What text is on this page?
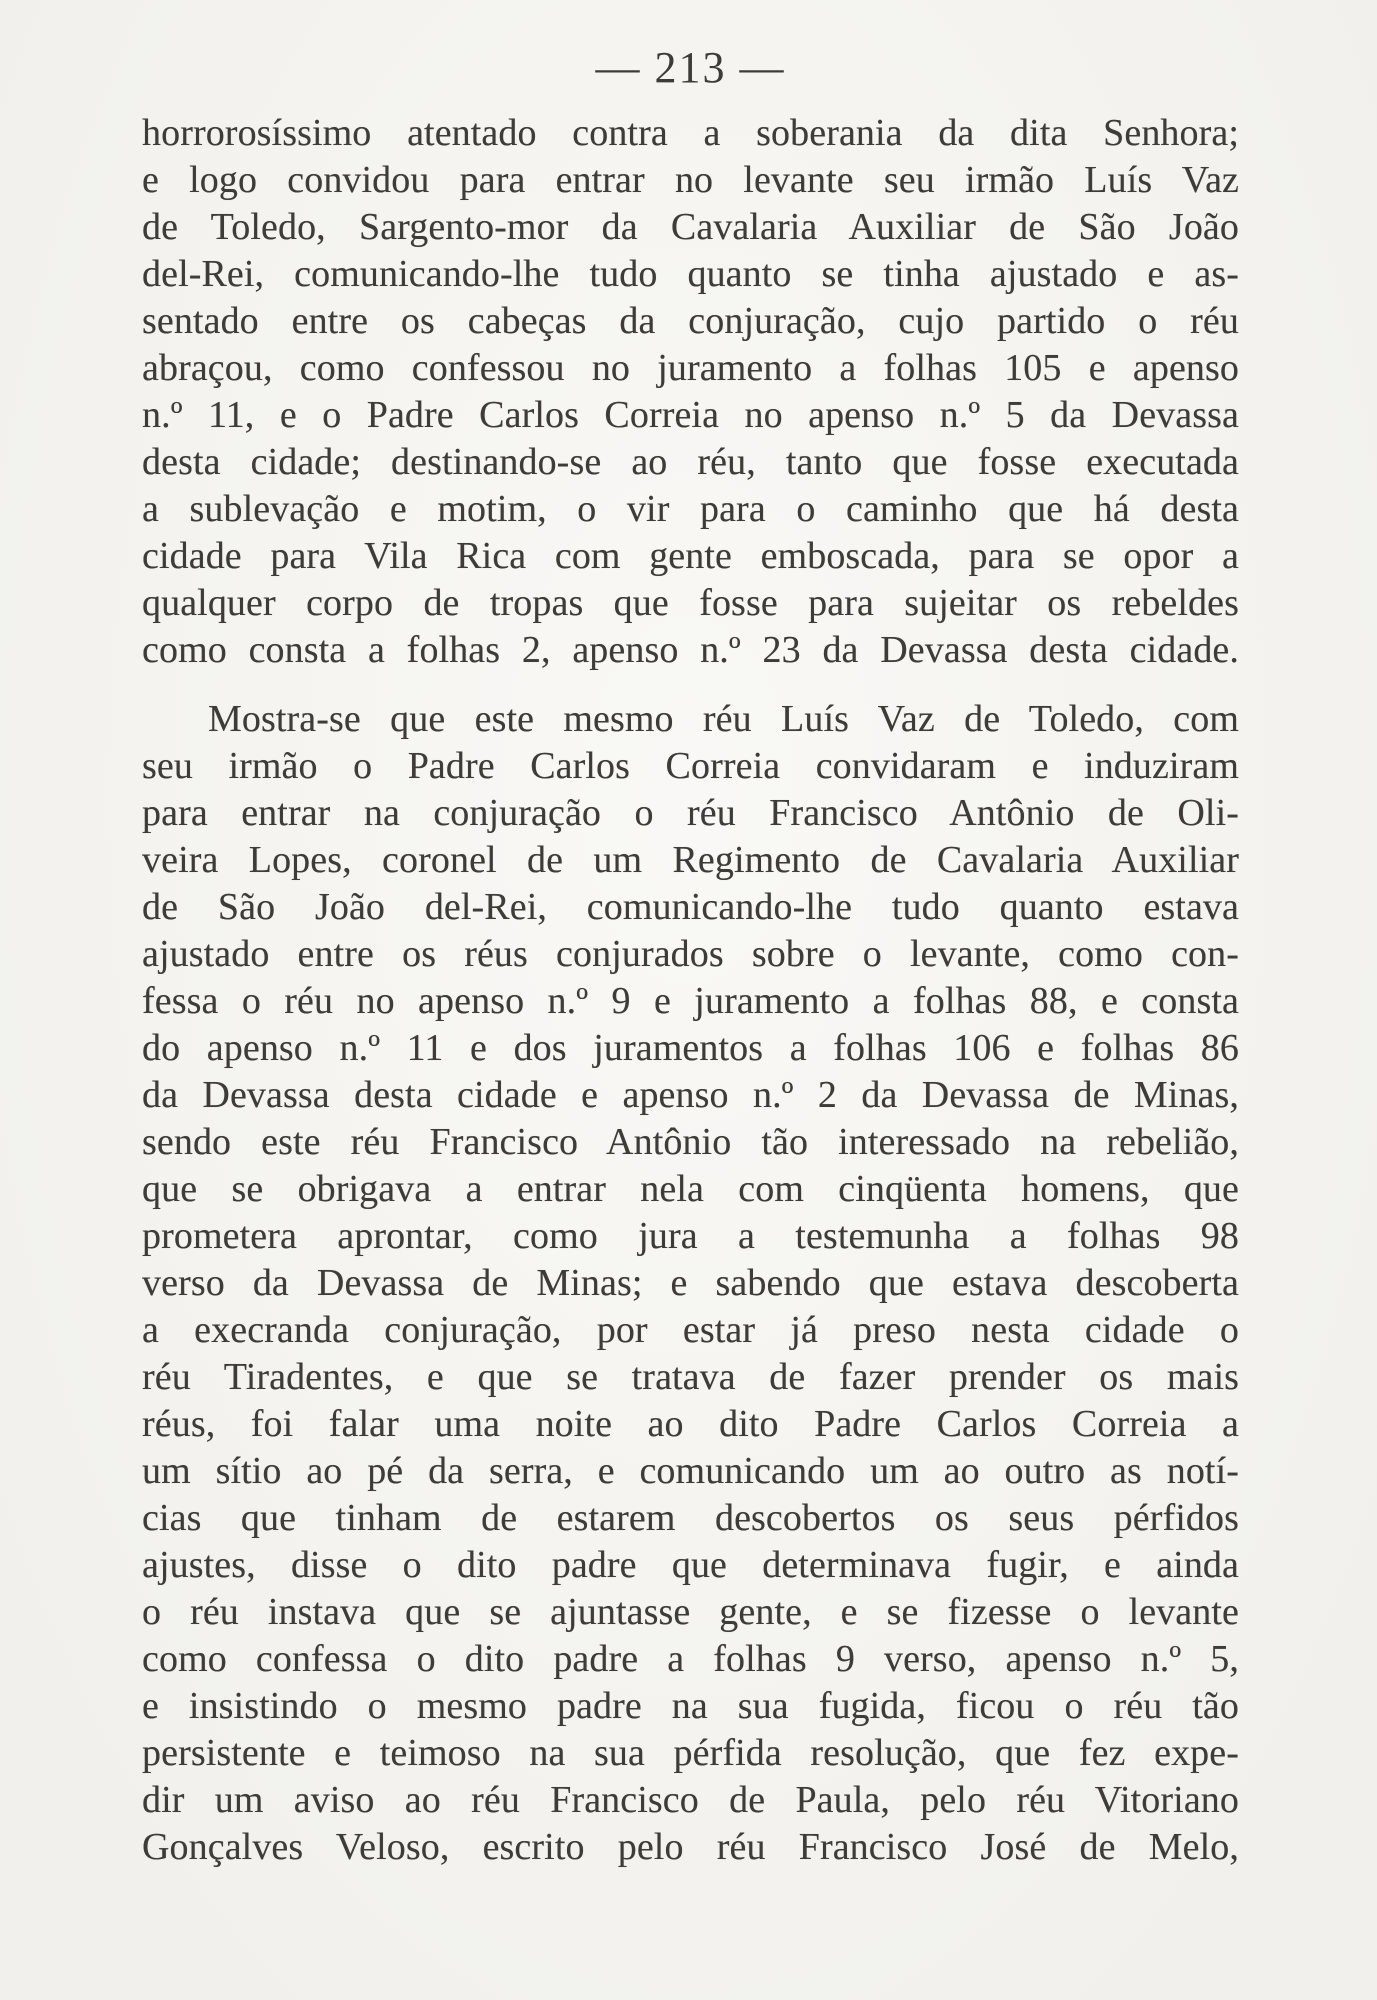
— 213 —
horrorosíssimo atentado contra a soberania da dita Senhora;
e logo convidou para entrar no levante seu irmão Luís Vaz
de Toledo, Sargento-mor da Cavalaria Auxiliar de São João
del-Rei, comunicando-lhe tudo quanto se tinha ajustado e as-
sentado entre os cabeças da conjuração, cujo partido o réu
abraçou, como confessou no juramento a folhas 105 e apenso
n.º 11, e o Padre Carlos Correia no apenso n.º 5 da Devassa
desta cidade; destinando-se ao réu, tanto que fosse executada
a sublevação e motim, o vir para o caminho que há desta
cidade para Vila Rica com gente emboscada, para se opor a
qualquer corpo de tropas que fosse para sujeitar os rebeldes
como consta a folhas 2, apenso n.º 23 da Devassa desta cidade.
Mostra-se que este mesmo réu Luís Vaz de Toledo, com
seu irmão o Padre Carlos Correia convidaram e induziram
para entrar na conjuração o réu Francisco Antônio de Oli-
veira Lopes, coronel de um Regimento de Cavalaria Auxiliar
de São João del-Rei, comunicando-lhe tudo quanto estava
ajustado entre os réus conjurados sobre o levante, como con-
fessa o réu no apenso n.º 9 e juramento a folhas 88, e consta
do apenso n.º 11 e dos juramentos a folhas 106 e folhas 86
da Devassa desta cidade e apenso n.º 2 da Devassa de Minas,
sendo este réu Francisco Antônio tão interessado na rebelião,
que se obrigava a entrar nela com cinqüenta homens, que
prometera aprontar, como jura a testemunha a folhas 98
verso da Devassa de Minas; e sabendo que estava descoberta
a execranda conjuração, por estar já preso nesta cidade o
réu Tiradentes, e que se tratava de fazer prender os mais
réus, foi falar uma noite ao dito Padre Carlos Correia a
um sítio ao pé da serra, e comunicando um ao outro as notí-
cias que tinham de estarem descobertos os seus pérfidos
ajustes, disse o dito padre que determinava fugir, e ainda
o réu instava que se ajuntasse gente, e se fizesse o levante
como confessa o dito padre a folhas 9 verso, apenso n.º 5,
e insistindo o mesmo padre na sua fugida, ficou o réu tão
persistente e teimoso na sua pérfida resolução, que fez expe-
dir um aviso ao réu Francisco de Paula, pelo réu Vitoriano
Gonçalves Veloso, escrito pelo réu Francisco José de Melo,
